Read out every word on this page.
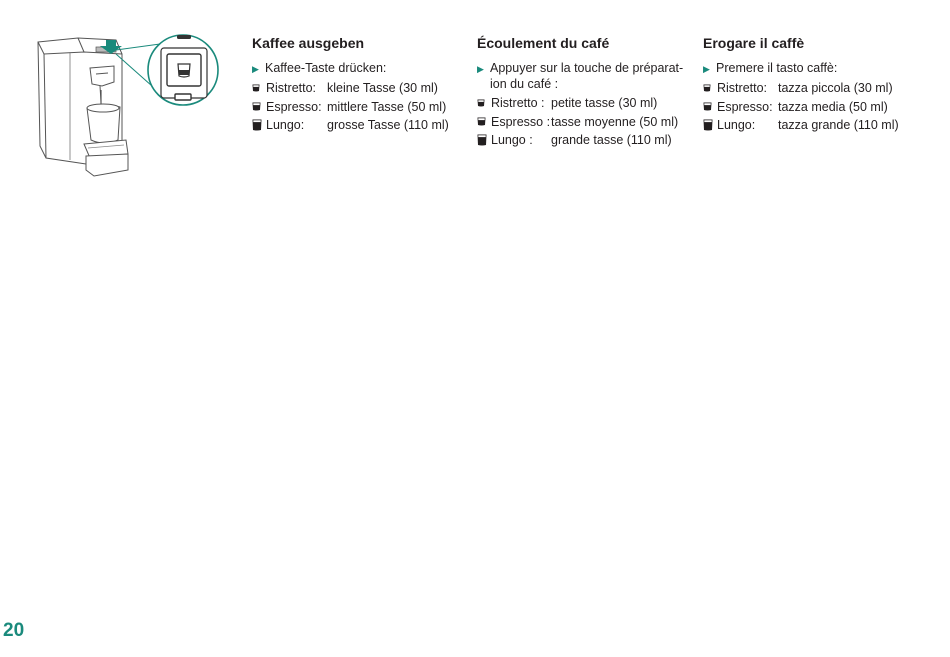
Kaffee ausgeben
▶ Kaffee-Taste drücken:
Ristretto: kleine Tasse (30 ml)
Espresso: mittlere Tasse (50 ml)
Lungo:	grosse Tasse (110 ml)
Écoulement du café
▶ Appuyer sur la touche de préparat-ion du café :
Ristretto : petite tasse (30 ml)
Espresso : tasse moyenne (50 ml)
Lungo :	grande tasse (110 ml)
Erogare il caffè
▶ Premere il tasto caffè:
Ristretto: tazza piccola (30 ml)
Espresso: tazza media (50 ml)
Lungo:	tazza grande (110 ml)
20
